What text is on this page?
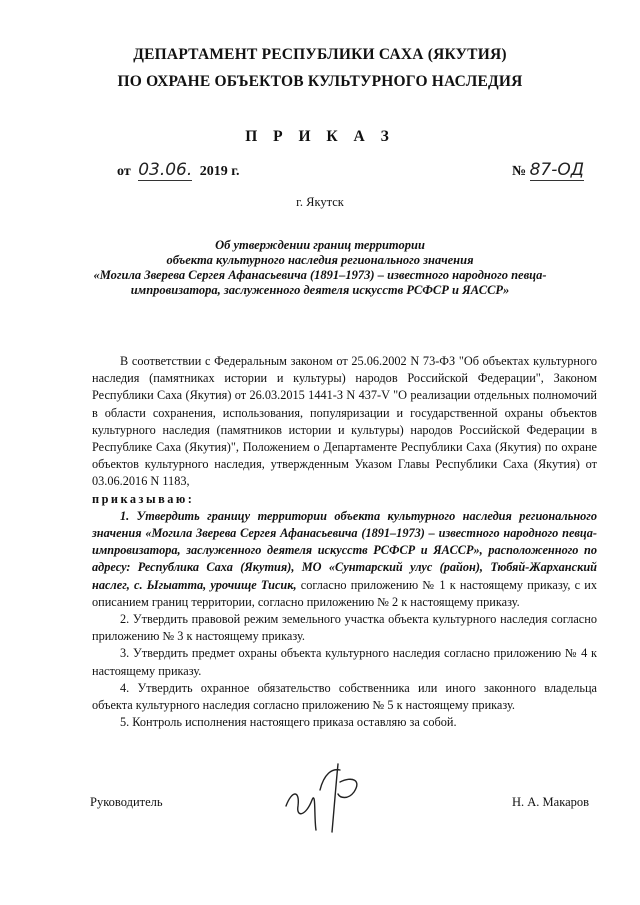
ДЕПАРТАМЕНТ РЕСПУБЛИКИ САХА (ЯКУТИЯ)
ПО ОХРАНЕ ОБЪЕКТОВ КУЛЬТУРНОГО НАСЛЕДИЯ
П Р И К А З
от 03.06. 2019 г.	№ 87-ОД
г. Якутск
Об утверждении границ территории
объекта культурного наследия регионального значения
«Могила Зверева Сергея Афанасьевича (1891–1973) – известного народного певца-
импровизатора, заслуженного деятеля искусств РСФСР и ЯАССР»

В соответствии с Федеральным законом от 25.06.2002 N 73-ФЗ "Об объектах культурного наследия (памятниках истории и культуры) народов Российской Федерации", Законом Республики Саха (Якутия) от 26.03.2015 1441-З N 437-V "О реализации отдельных полномочий в области сохранения, использования, популяризации и государственной охраны объектов культурного наследия (памятников истории и культуры) народов Российской Федерации в Республике Саха (Якутия)", Положением о Департаменте Республики Саха (Якутия) по охране объектов культурного наследия, утвержденным Указом Главы Республики Саха (Якутия) от 03.06.2016 N 1183,

приказываю:

1. Утвердить границу территории объекта культурного наследия регионального значения «Могила Зверева Сергея Афанасьевича (1891–1973) – известного народного певца-импровизатора, заслуженного деятеля искусств РСФСР и ЯАССР», расположенного по адресу: Республика Саха (Якутия), МО «Сунтарский улус (район), Тюбяй-Жарханский наслег, с. Ыгыатта, урочище Тисик, согласно приложению № 1 к настоящему приказу, с их описанием границ территории, согласно приложению № 2 к настоящему приказу.

2. Утвердить правовой режим земельного участка объекта культурного наследия согласно приложению № 3 к настоящему приказу.

3. Утвердить предмет охраны объекта культурного наследия согласно приложению № 4 к настоящему приказу.

4. Утвердить охранное обязательство собственника или иного законного владельца объекта культурного наследия согласно приложению № 5 к настоящему приказу.

5. Контроль исполнения настоящего приказа оставляю за собой.

Руководитель	Н. А. Макаров
